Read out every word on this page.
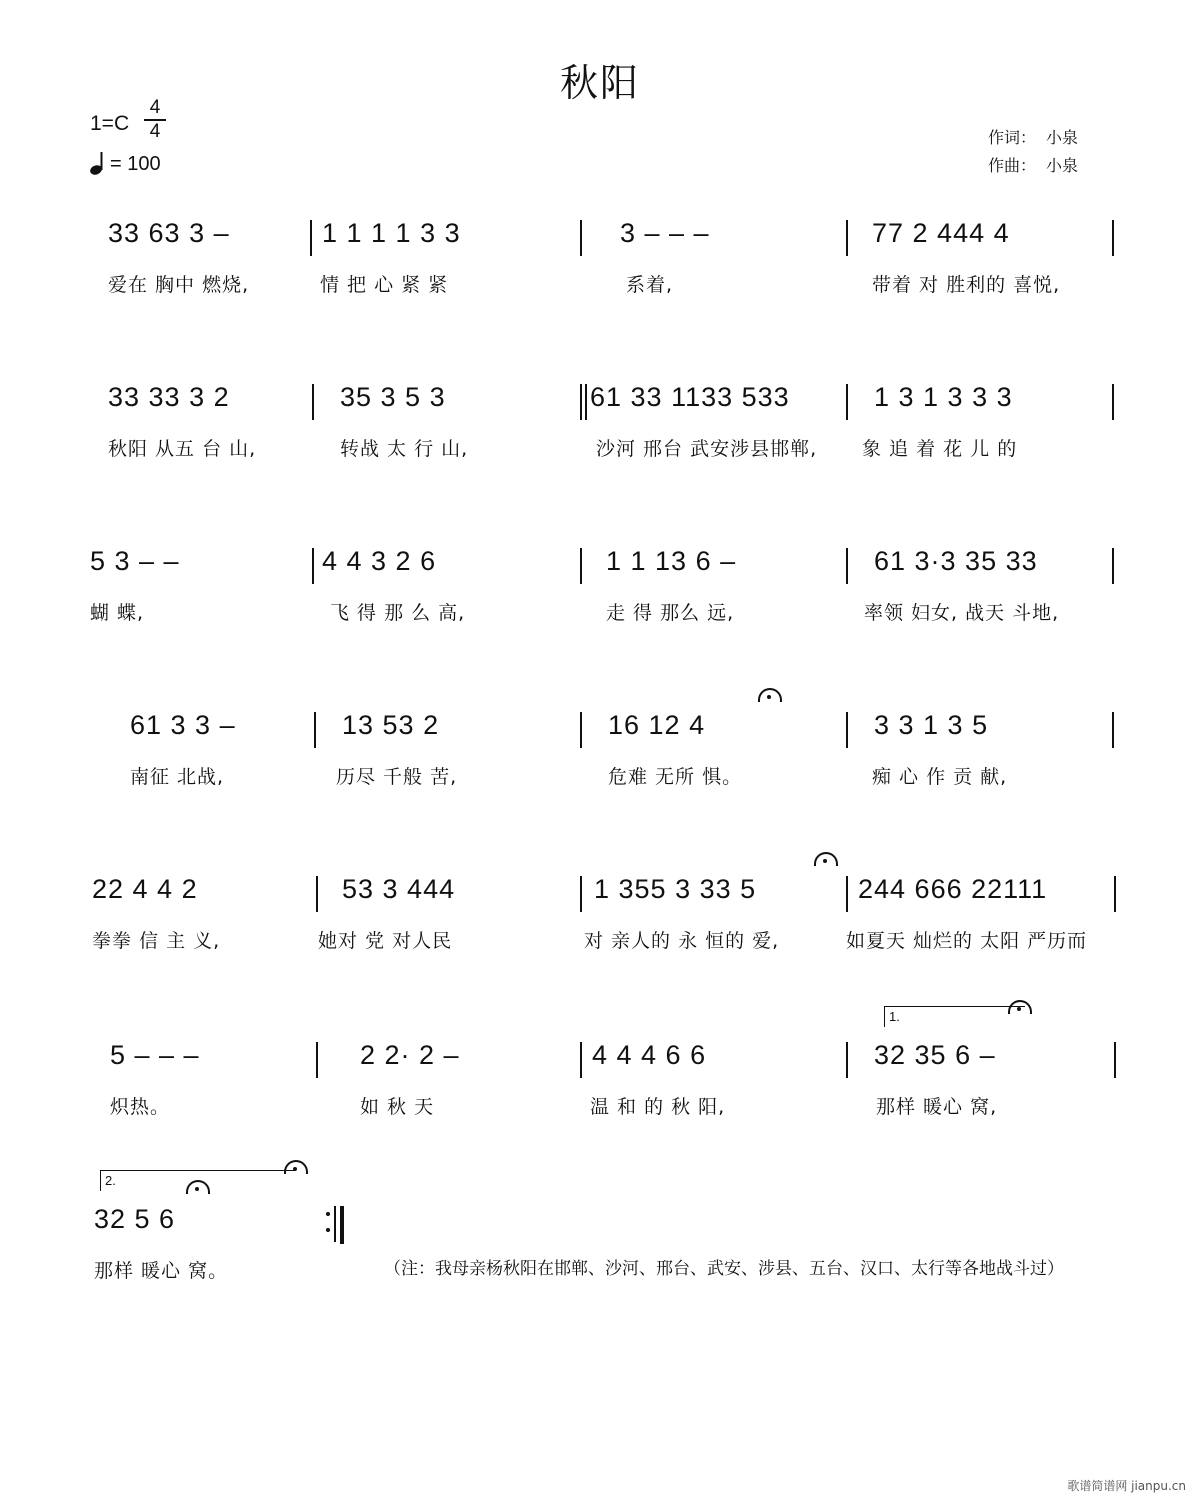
秋阳
1=C
4
4
= 100
作词： 小泉
作曲： 小泉
33 63 3 –
爱在 胸中 燃烧,
1 1 1 1 3 3
情 把 心 紧 紧
3 – – –
系着,
77 2 444 4
带着 对 胜利的 喜悦,
33 33 3 2
秋阳 从五 台 山,
35 3 5 3
转战 太 行 山,
61 33 1133 533
沙河 邢台 武安涉县邯郸,
1 3 1 3 3 3
象 追 着 花 儿 的
5 3 – –
蝴 蝶,
4 4 3 2 6
飞 得 那 么 高,
1 1 13 6 –
走 得 那么 远,
61 3·3 35 33
率领 妇女, 战天 斗地,
61 3 3 –
南征 北战,
13 53 2
历尽 千般 苦,
16 12 4
危难 无所 惧。
3 3 1 3 5
痴 心 作 贡 献,
22 4 4 2
拳拳 信 主 义,
53 3 444
她对 党 对人民
1 355 3 33 5
对 亲人的 永 恒的 爱,
244 666 22111
如夏天 灿烂的 太阳 严历而
5 – – –
炽热。
2 2· 2 –
如 秋 天
4 4 4 6 6
温 和 的 秋 阳,
1.
32 35 6 –
那样 暖心 窝,
2.
32 5 6
那样 暖心 窝。	（注：我母亲杨秋阳在邯郸、沙河、邢台、武安、涉县、五台、汉口、太行等各地战斗过）
歌谱简谱网 jianpu.cn
